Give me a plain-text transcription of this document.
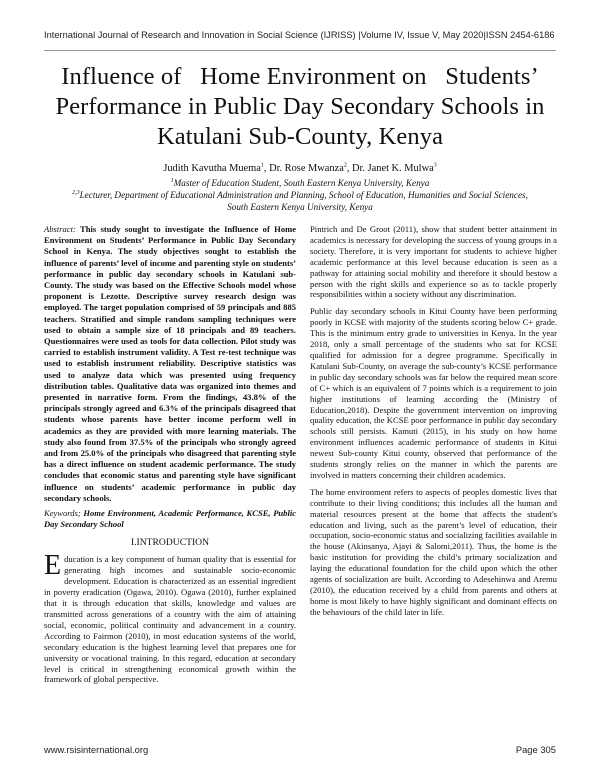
International Journal of Research and Innovation in Social Science (IJRISS) |Volume IV, Issue V, May 2020|ISSN 2454-6186
Influence of   Home Environment on   Students’
Performance in Public Day Secondary Schools in
Katulani Sub-County, Kenya
Judith Kavutha Muema$^1$, Dr. Rose Mwanza$^2$, Dr. Janet K. Mulwa$^3$
$^1$Master of Education Student, South Eastern Kenya University, Kenya
$^{2,3}$Lecturer, Department of Educational Administration and Planning, School of Education, Humanities and Social Sciences,
South Eastern Kenya University, Kenya

Abstract: This study sought to investigate the Influence of Home Environment on Students’ Performance in Public Day Secondary School in Kenya. The study objectives sought to establish the influence of parents’ level of income and parenting style on students’ performance in public day secondary schools in Katulani sub-County. The study was based on the Effective Schools model whose proponent is Lezotte. Descriptive survey research design was employed. The target population comprised of 59 principals and 885 teachers. Stratified and simple random sampling techniques were used to obtain a sample size of 18 principals and 89 teachers. Questionnaires were used as tools for data collection. Pilot study was carried to establish instrument validity. A Test re-test technique was used to establish instrument reliability. Descriptive statistics was used to analyze data which was presented using frequency distribution tables. Qualitative data was organized into themes and presented in narrative form. From the findings, 43.8% of the principals strongly agreed and 6.3% of the principals disagreed that students whose parents have better income perform well in academics as they are provided with more learning materials. The study also found from 37.5% of the principals who strongly agreed and from 25.0% of the principals who disagreed that parenting style has a direct influence on student academic performance. The study concludes that economic status and parenting style have significant influence on students’ academic performance in public day secondary schools.

Keywords; Home Environment, Academic Performance, KCSE, Public Day Secondary School

I.INTRODUCTION

Education is a key component of human quality that is essential for generating high incomes and sustainable socio-economic development. Education is characterized as an essential ingredient in poverty eradication (Ogawa, 2010). Ogawa (2010), further explained that it is through education that skills, knowledge and values are transmitted across generations of a country with the aim of attaining social, economic, political continuity and advancement in a country. According to Fairmon (2010), in most education systems of the world, secondary education is the highest learning level that prepares one for university or vocational training. In this regard, education at secondary level is critical in strengthening economical growth within the framework of global perspective.

Pintrich and De Groot (2011), show that student better attainment in academics is necessary for developing the success of young groups in a society. Therefore, it is very important for students to achieve higher academic performance at this level because education is seen as a pathway for attaining social mobility and therefore it should bestow a person with the right skills and experience so as to tackle properly responsibilities within a society without any discrimination.

Public day secondary schools in Kitui County have been performing poorly in KCSE with majority of the students scoring below C+ grade. This is the minimum entry grade to universities in Kenya. In the year 2018, only a small percentage of the students who sat for KCSE qualified for admission for a degree programme. Specifically in Katulani Sub-County, on average the sub-county’s KCSE performance in public day secondary schools was far below the required mean score of C+ which is an equivalent of 7 points which is a requirement to join higher institutions of learning according the (Ministry of Education,2018). Despite the government intervention on improving quality education, the KCSE poor performance in public day secondary schools still persists. Kamuti (2015), in his study on how home environment influences academic performance of students in Kitui newest Sub-county Kitui county, observed that performance of the students strongly relies on the manner in which the parents are involved in matters concerning their children academics.

The home environment refers to aspects of peoples domestic lives that contribute to their living conditions; this includes all the human and material resources present at the home that affects the student's education and living, such as the parent’s level of education, their occupation, socio-economic status and socializing facilities available in the house (Akinsanya, Ajayi & Salomi,2011). Thus, the home is the basic institution for providing the child’s primary socialization and laying the educational foundation for the child upon which the other agents of socialization are built. According to Adesehinwa and Aremu (2010), the education received by a child from parents and others at home is most likely to have highly significant and dominant effects on the behaviours of the child later in life.

www.rsisinternational.org	Page 305
